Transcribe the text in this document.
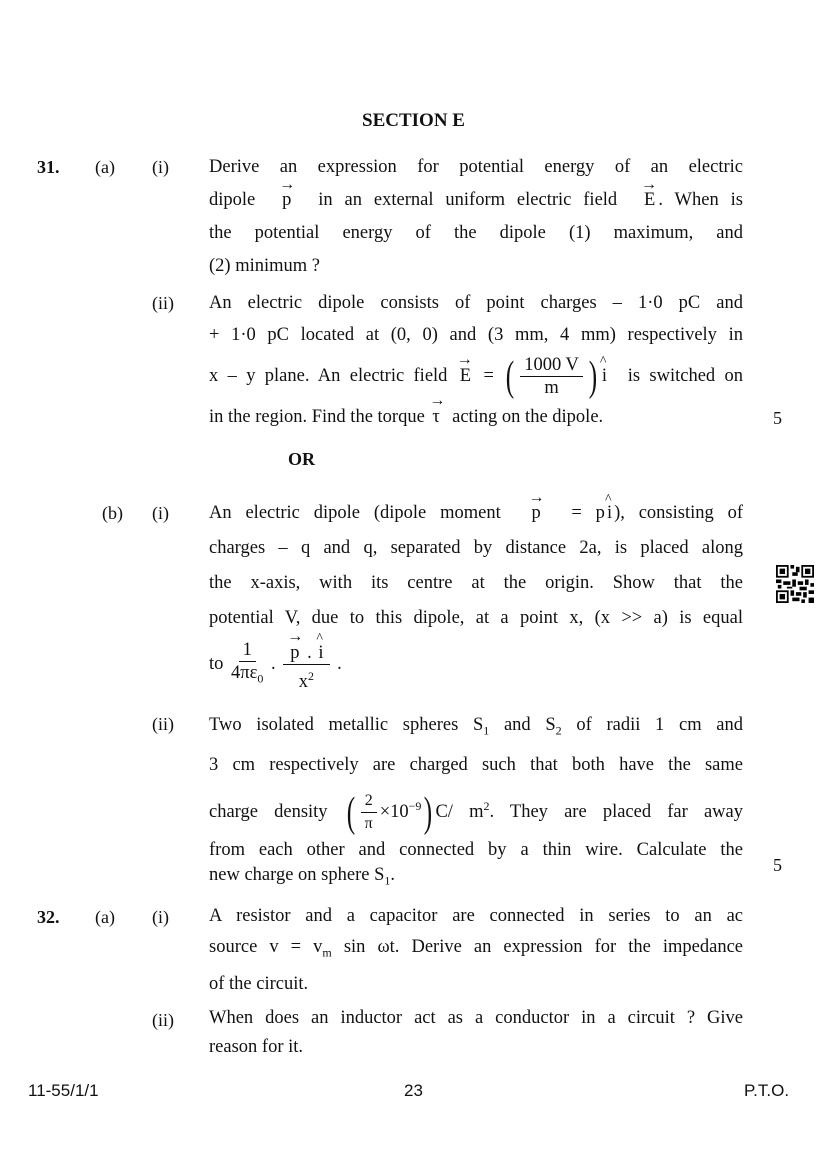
SECTION E
31. (a) (i) Derive an expression for potential energy of an electric
dipole  → p  in an external uniform electric field  → E . When is
the potential energy of the dipole (1) maximum, and
(2) minimum ?
(ii) An electric dipole consists of point charges – 1·0 pC and
+ 1·0 pC located at (0, 0) and (3 mm, 4 mm) respectively in
x – y plane. An electric field → E = ( $\frac{1000 V}{m}$ ) ^ i  is switched on
in the region. Find the torque → τ  acting on the dipole.	5
OR
(b) (i) An electric dipole (dipole moment  → p  = p ^ i ), consisting of
charges – q and q, separated by distance 2a, is placed along
the x-axis, with its centre at the origin. Show that the
potential V, due to this dipole, at a point x, (x >> a) is equal
to $\frac{1}{4\pi\varepsilon_0}$ . → $\frac{p . \^{} i}{x^2}$ .
(ii) Two isolated metallic spheres $S_1$ and $S_2$ of radii 1 cm and
3 cm respectively are charged such that both have the same
charge density ( $\frac{2}{\pi} \times 10^{-9}$) C/ $m^2$. They are placed far away
from each other and connected by a thin wire. Calculate the
new charge on sphere $S_1$.	5
32. (a) (i) A resistor and a capacitor are connected in series to an ac
source $v = v_m$ sin ωt. Derive an expression for the impedance
of the circuit.
(ii) When does an inductor act as a conductor in a circuit ? Give
reason for it.
11-55/1/1	23	P.T.O.
